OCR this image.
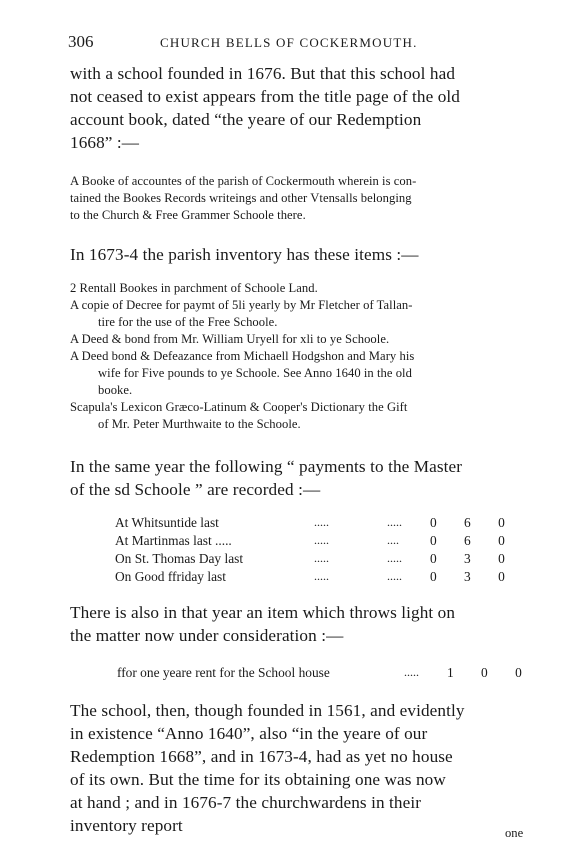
306	CHURCH BELLS OF COCKERMOUTH.
with a school founded in 1676. But that this school had
not ceased to exist appears from the title page of the old
account book, dated “the yeare of our Redemption
1668” :—
A Booke of accountes of the parish of Cockermouth wherein is con-
tained the Bookes Records writeings and other Vtensalls belonging
to the Church & Free Grammer Schoole there.
In 1673-4 the parish inventory has these items :—
2 Rentall Bookes in parchment of Schoole Land.
A copie of Decree for paymt of 5li yearly by Mr Fletcher of Tallan-
tire for the use of the Free Schoole.
A Deed & bond from Mr. William Uryell for xli to ye Schoole.
A Deed bond & Defeazance from Michaell Hodgshon and Mary his
wife for Five pounds to ye Schoole. See Anno 1640 in the old
booke.
Scapula's Lexicon Græco-Latinum & Cooper's Dictionary the Gift
of Mr. Peter Murthwaite to the Schoole.
In the same year the following “ payments to the Master
of the sd Schoole ” are recorded :—
At Whitsuntide last	.....	..... 0 6 0
At Martinmas last .....	.....	.... 0 6 0
On St. Thomas Day last	.....	..... 0 3 0
On Good ffriday last	.....	..... 0 3 0
There is also in that year an item which throws light on
the matter now under consideration :—
ffor one yeare rent for the School house	..... 1 0 0
The school, then, though founded in 1561, and evidently
in existence “Anno 1640”, also “in the yeare of our
Redemption 1668”, and in 1673-4, had as yet no house
of its own. But the time for its obtaining one was now
at hand ; and in 1676-7 the churchwardens in their
inventory report	one
